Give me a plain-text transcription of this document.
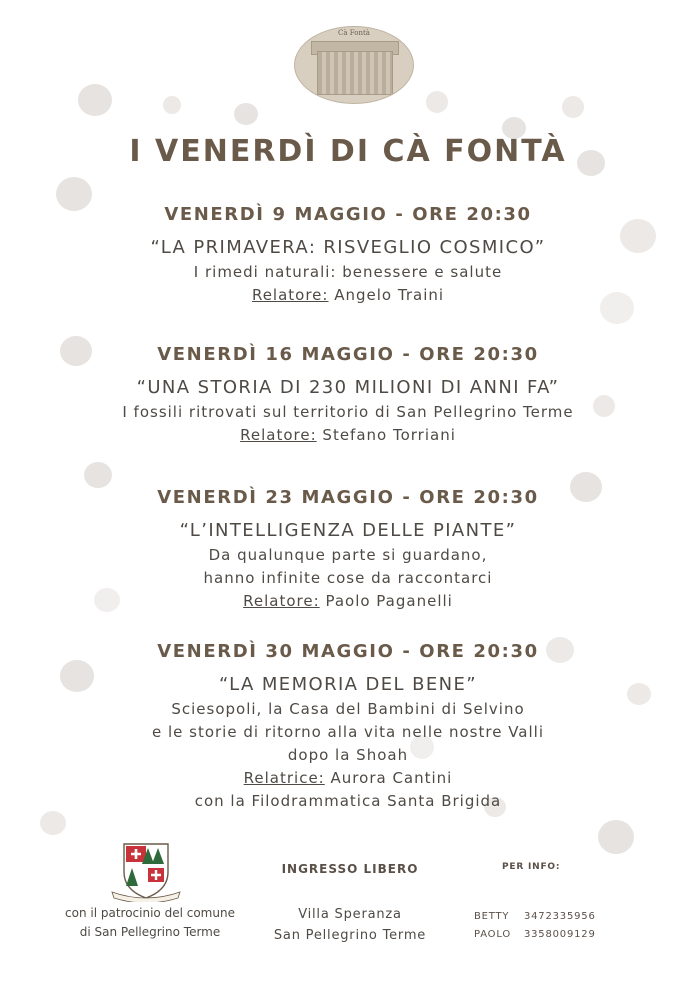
Cà Fontà
I VENERDÌ DI CÀ FONTÀ
VENERDÌ 9 MAGGIO - ORE 20:30
“LA PRIMAVERA: RISVEGLIO COSMICO”
I rimedi naturali: benessere e salute
Relatore: Angelo Traini
VENERDÌ 16 MAGGIO - ORE 20:30
“UNA STORIA DI 230 MILIONI DI ANNI FA”
I fossili ritrovati sul territorio di San Pellegrino Terme
Relatore: Stefano Torriani
VENERDÌ 23 MAGGIO - ORE 20:30
“L’INTELLIGENZA DELLE PIANTE”
Da qualunque parte si guardano,
hanno infinite cose da raccontarci
Relatore: Paolo Paganelli
VENERDÌ 30 MAGGIO - ORE 20:30
“LA MEMORIA DEL BENE”
Sciesopoli, la Casa del Bambini di Selvino
e le storie di ritorno alla vita nelle nostre Valli
dopo la Shoah
Relatrice: Aurora Cantini
con la Filodrammatica Santa Brigida
con il patrocinio del comune
di San Pellegrino Terme
INGRESSO LIBERO
Villa Speranza
San Pellegrino Terme
PER INFO:
BETTY 3472335956
PAOLO 3358009129
